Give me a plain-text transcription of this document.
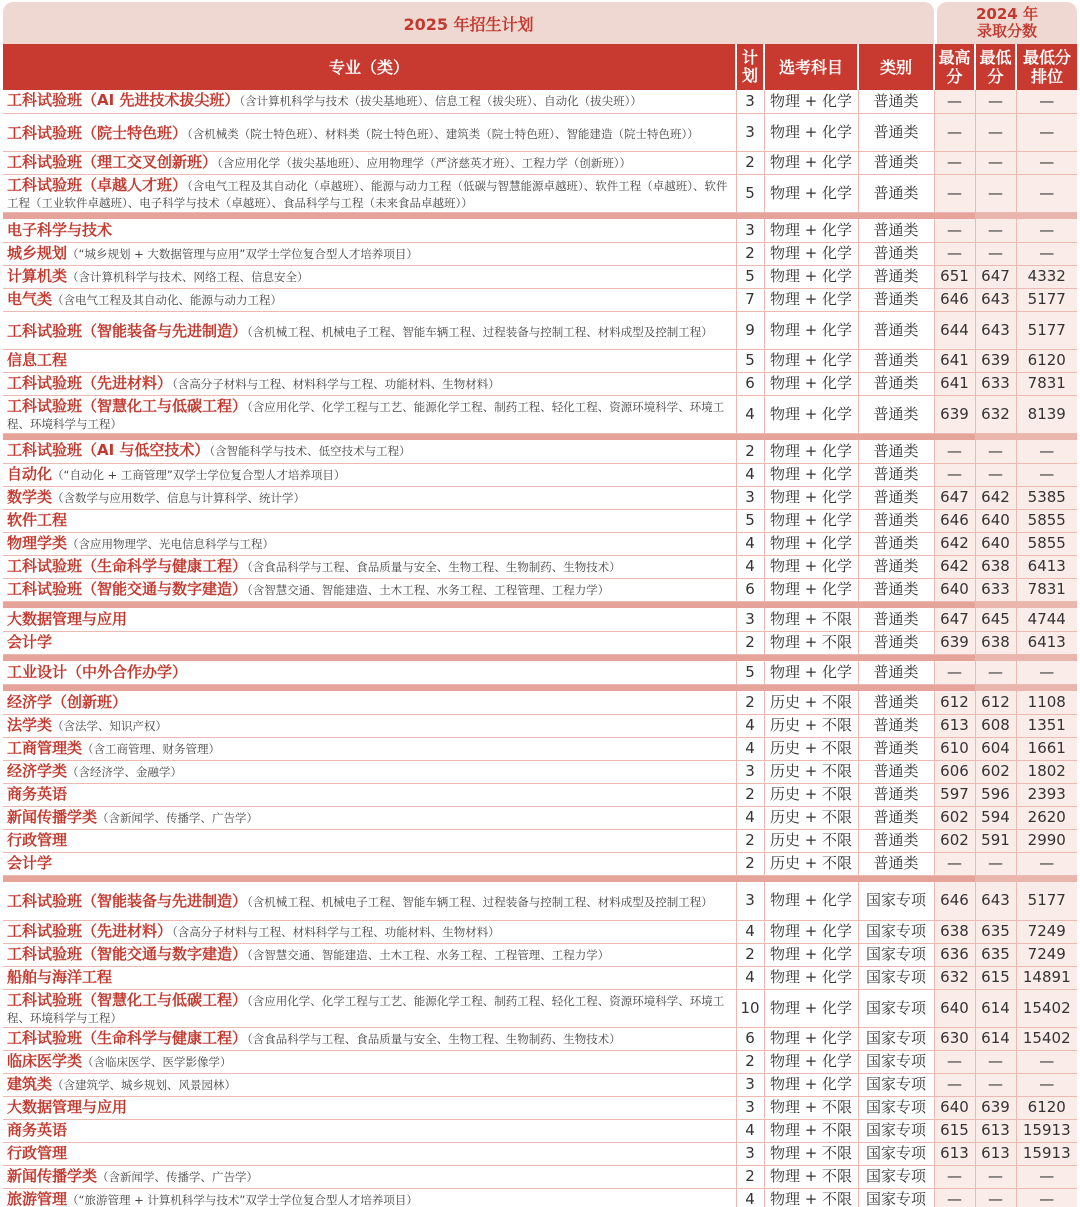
2025 年招生计划
2024 年
录取分数
专业（类）	计划	选考科目	类别	最高分	最低分	最低分排位

工科试验班（AI 先进技术拔尖班）（含计算机科学与技术（拔尖基地班）、信息工程（拔尖班）、自动化（拔尖班））	3	物理 + 化学	普通类	—	—	—
工科试验班（院士特色班）（含机械类（院士特色班）、材料类（院士特色班）、建筑类（院士特色班）、智能建造（院士特色班））	3	物理 + 化学	普通类	—	—	—
工科试验班（理工交叉创新班）（含应用化学（拔尖基地班）、应用物理学（严济慈英才班）、工程力学（创新班））	2	物理 + 化学	普通类	—	—	—
工科试验班（卓越人才班）（含电气工程及其自动化（卓越班）、能源与动力工程（低碳与智慧能源卓越班）、软件工程（卓越班）、软件工程（工业软件卓越班）、电子科学与技术（卓越班）、食品科学与工程（未来食品卓越班））	5	物理 + 化学	普通类	—	—	—

电子科学与技术	3	物理 + 化学	普通类	—	—	—
城乡规划（“城乡规划 + 大数据管理与应用”双学士学位复合型人才培养项目）	2	物理 + 化学	普通类	—	—	—
计算机类（含计算机科学与技术、网络工程、信息安全）	5	物理 + 化学	普通类	651	647	4332
电气类（含电气工程及其自动化、能源与动力工程）	7	物理 + 化学	普通类	646	643	5177
工科试验班（智能装备与先进制造）（含机械工程、机械电子工程、智能车辆工程、过程装备与控制工程、材料成型及控制工程）	9	物理 + 化学	普通类	644	643	5177
信息工程	5	物理 + 化学	普通类	641	639	6120
工科试验班（先进材料）（含高分子材料与工程、材料科学与工程、功能材料、生物材料）	6	物理 + 化学	普通类	641	633	7831
工科试验班（智慧化工与低碳工程）（含应用化学、化学工程与工艺、能源化学工程、制药工程、轻化工程、资源环境科学、环境工程、环境科学与工程）	4	物理 + 化学	普通类	639	632	8139

工科试验班（AI 与低空技术）（含智能科学与技术、低空技术与工程）	2	物理 + 化学	普通类	—	—	—
自动化（“自动化 + 工商管理”双学士学位复合型人才培养项目）	4	物理 + 化学	普通类	—	—	—
数学类（含数学与应用数学、信息与计算科学、统计学）	3	物理 + 化学	普通类	647	642	5385
软件工程	5	物理 + 化学	普通类	646	640	5855
物理学类（含应用物理学、光电信息科学与工程）	4	物理 + 化学	普通类	642	640	5855
工科试验班（生命科学与健康工程）（含食品科学与工程、食品质量与安全、生物工程、生物制药、生物技术）	4	物理 + 化学	普通类	642	638	6413
工科试验班（智能交通与数字建造）（含智慧交通、智能建造、土木工程、水务工程、工程管理、工程力学）	6	物理 + 化学	普通类	640	633	7831

大数据管理与应用	3	物理 + 不限	普通类	647	645	4744
会计学	2	物理 + 不限	普通类	639	638	6413

工业设计（中外合作办学）	5	物理 + 化学	普通类	—	—	—

经济学（创新班）	2	历史 + 不限	普通类	612	612	1108
法学类（含法学、知识产权）	4	历史 + 不限	普通类	613	608	1351
工商管理类（含工商管理、财务管理）	4	历史 + 不限	普通类	610	604	1661
经济学类（含经济学、金融学）	3	历史 + 不限	普通类	606	602	1802
商务英语	2	历史 + 不限	普通类	597	596	2393
新闻传播学类（含新闻学、传播学、广告学）	4	历史 + 不限	普通类	602	594	2620
行政管理	2	历史 + 不限	普通类	602	591	2990
会计学	2	历史 + 不限	普通类	—	—	—

工科试验班（智能装备与先进制造）（含机械工程、机械电子工程、智能车辆工程、过程装备与控制工程、材料成型及控制工程）	3	物理 + 化学	国家专项	646	643	5177
工科试验班（先进材料）（含高分子材料与工程、材料科学与工程、功能材料、生物材料）	4	物理 + 化学	国家专项	638	635	7249
工科试验班（智能交通与数字建造）（含智慧交通、智能建造、土木工程、水务工程、工程管理、工程力学）	2	物理 + 化学	国家专项	636	635	7249
船舶与海洋工程	4	物理 + 化学	国家专项	632	615	14891
工科试验班（智慧化工与低碳工程）（含应用化学、化学工程与工艺、能源化学工程、制药工程、轻化工程、资源环境科学、环境工程、环境科学与工程）	10	物理 + 化学	国家专项	640	614	15402
工科试验班（生命科学与健康工程）（含食品科学与工程、食品质量与安全、生物工程、生物制药、生物技术）	6	物理 + 化学	国家专项	630	614	15402
临床医学类（含临床医学、医学影像学）	2	物理 + 化学	国家专项	—	—	—
建筑类（含建筑学、城乡规划、风景园林）	3	物理 + 化学	国家专项	—	—	—
大数据管理与应用	3	物理 + 不限	国家专项	640	639	6120
商务英语	4	物理 + 不限	国家专项	615	613	15913
行政管理	3	物理 + 不限	国家专项	613	613	15913
新闻传播学类（含新闻学、传播学、广告学）	2	物理 + 不限	国家专项	—	—	—
旅游管理（“旅游管理 + 计算机科学与技术”双学士学位复合型人才培养项目）	4	物理 + 不限	国家专项	—	—	—
